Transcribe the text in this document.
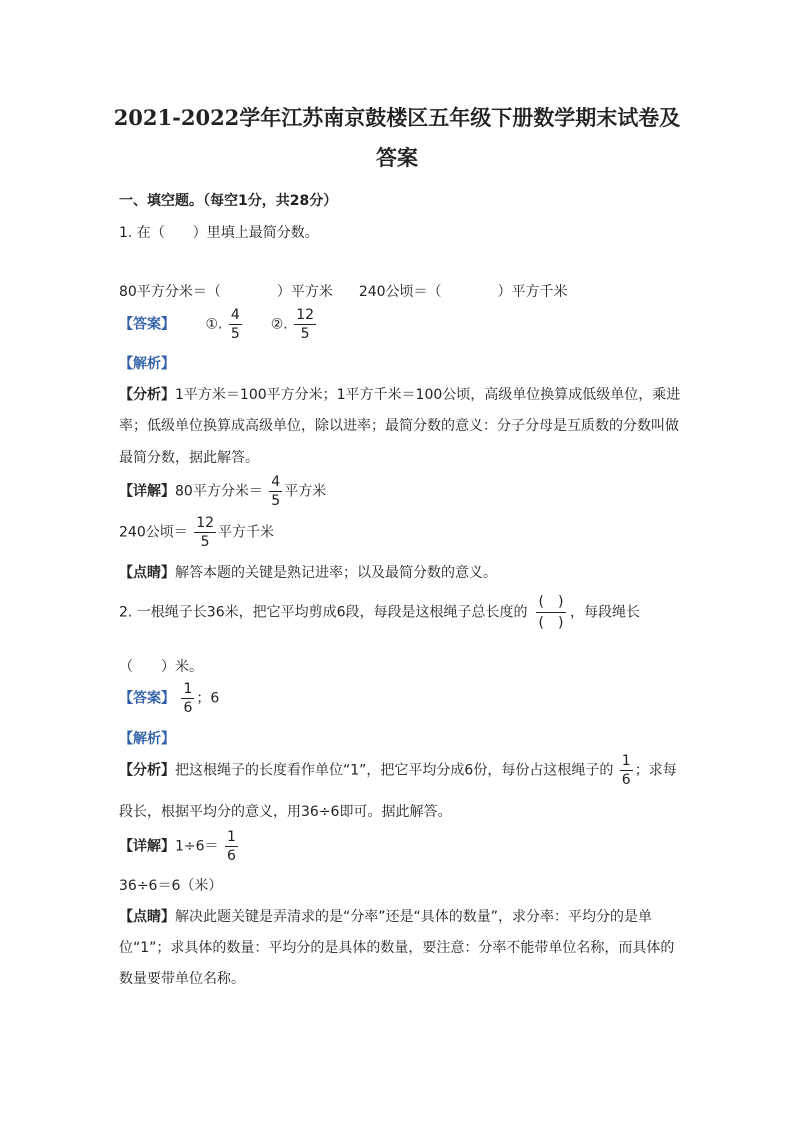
2021-2022学年江苏南京鼓楼区五年级下册数学期末试卷及
答案
一、填空题。（每空1分，共28分）
1. 在（　　）里填上最简分数。
80平方分米＝（　　　　）平方米 240公顷＝（　　　　）平方千米
【答案】 ①. $\frac{4}{5}$ ②. $\frac{12}{5}$
【解析】
【分析】1平方米＝100平方分米；1平方千米＝100公顷，高级单位换算成低级单位，乘进
率；低级单位换算成高级单位，除以进率；最简分数的意义：分子分母是互质数的分数叫做
最简分数，据此解答。
【详解】80平方分米＝ $\frac{4}{5}$ 平方米
240公顷＝ $\frac{12}{5}$ 平方千米
【点睛】解答本题的关键是熟记进率；以及最简分数的意义。
2. 一根绳子长36米，把它平均剪成6段，每段是这根绳子总长度的
(　)
(　)
，每段绳长
（　　）米。
【答案】 $\frac{1}{6}$ ；6
【解析】
【分析】把这根绳子的长度看作单位“1”，把它平均分成6份，每份占这根绳子的 $\frac{1}{6}$ ；求每
段长，根据平均分的意义，用36÷6即可。据此解答。
【详解】$1\div 6= \frac{1}{6}$
36÷6＝6（米）
【点睛】解决此题关键是弄清求的是“分率”还是“具体的数量”，求分率：平均分的是单
位“1”；求具体的数量：平均分的是具体的数量，要注意：分率不能带单位名称，而具体的
数量要带单位名称。
